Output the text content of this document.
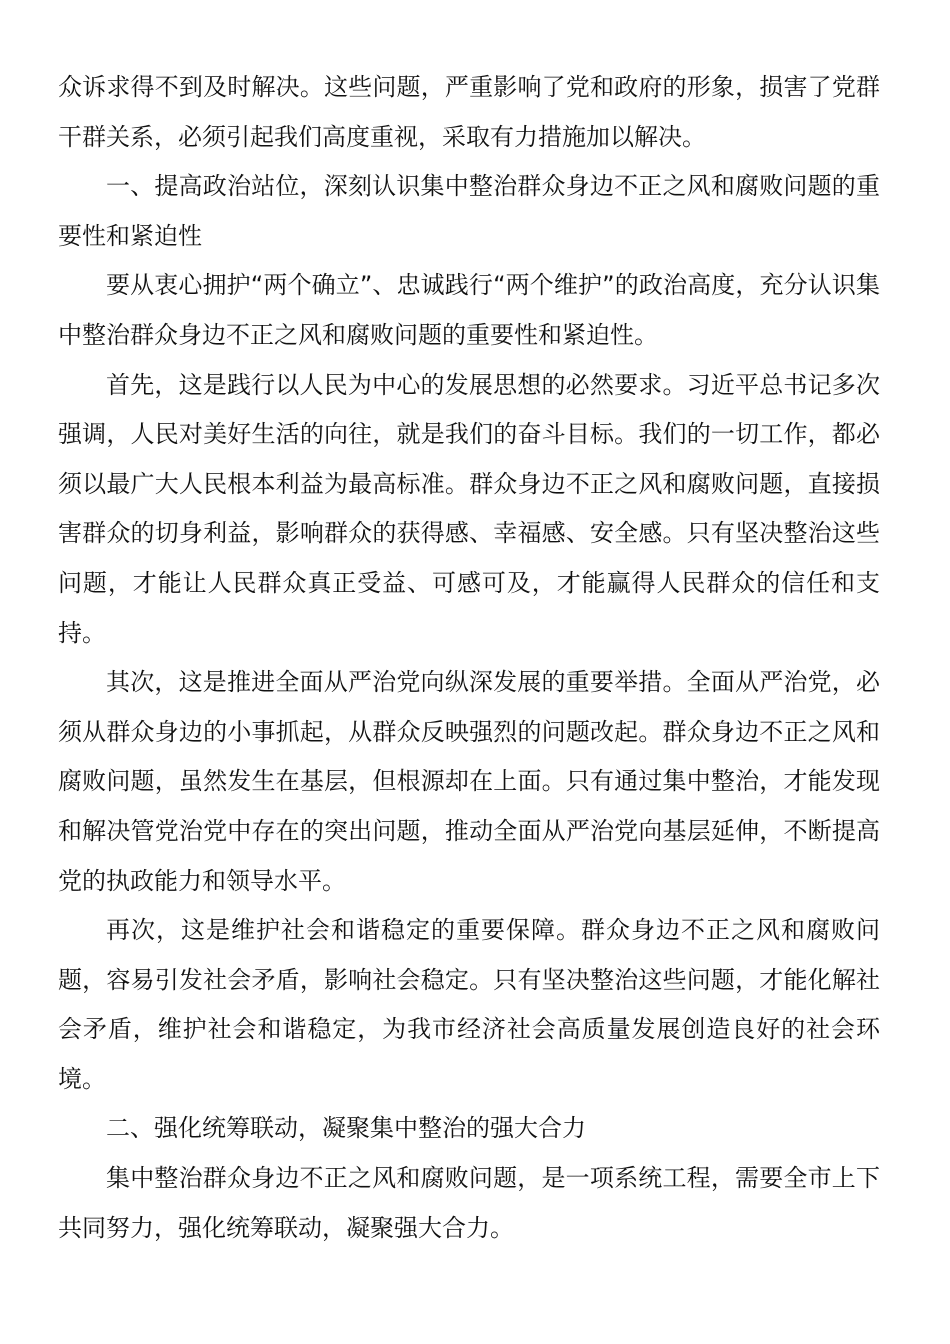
众诉求得不到及时解决。这些问题，严重影响了党和政府的形象，损害了党群干群关系，必须引起我们高度重视，采取有力措施加以解决。

一、提高政治站位，深刻认识集中整治群众身边不正之风和腐败问题的重要性和紧迫性

要从衷心拥护“两个确立”、忠诚践行“两个维护”的政治高度，充分认识集中整治群众身边不正之风和腐败问题的重要性和紧迫性。

首先，这是践行以人民为中心的发展思想的必然要求。习近平总书记多次强调，人民对美好生活的向往，就是我们的奋斗目标。我们的一切工作，都必须以最广大人民根本利益为最高标准。群众身边不正之风和腐败问题，直接损害群众的切身利益，影响群众的获得感、幸福感、安全感。只有坚决整治这些问题，才能让人民群众真正受益、可感可及，才能赢得人民群众的信任和支持。

其次，这是推进全面从严治党向纵深发展的重要举措。全面从严治党，必须从群众身边的小事抓起，从群众反映强烈的问题改起。群众身边不正之风和腐败问题，虽然发生在基层，但根源却在上面。只有通过集中整治，才能发现和解决管党治党中存在的突出问题，推动全面从严治党向基层延伸，不断提高党的执政能力和领导水平。

再次，这是维护社会和谐稳定的重要保障。群众身边不正之风和腐败问题，容易引发社会矛盾，影响社会稳定。只有坚决整治这些问题，才能化解社会矛盾，维护社会和谐稳定，为我市经济社会高质量发展创造良好的社会环境。

二、强化统筹联动，凝聚集中整治的强大合力

集中整治群众身边不正之风和腐败问题，是一项系统工程，需要全市上下共同努力，强化统筹联动，凝聚强大合力。
